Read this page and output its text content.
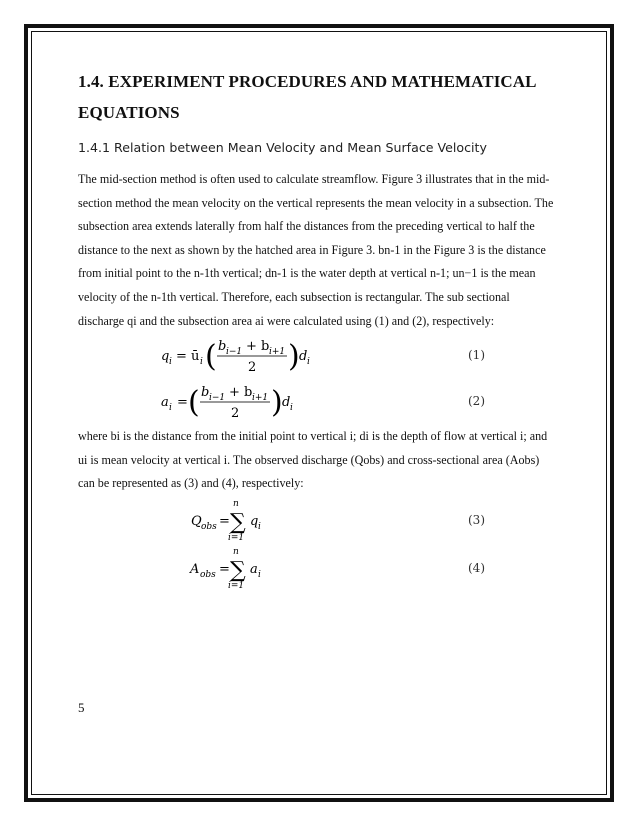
1.4. EXPERIMENT PROCEDURES AND MATHEMATICAL EQUATIONS
1.4.1 Relation between Mean Velocity and Mean Surface Velocity

The mid-section method is often used to calculate streamflow. Figure 3 illustrates that in the mid-section method the mean velocity on the vertical represents the mean velocity in a subsection. The subsection area extends laterally from half the distances from the preceding vertical to half the distance to the next as shown by the hatched area in Figure 3. bn-1 in the Figure 3 is the distance from initial point to the n-1th vertical; dn-1 is the water depth at vertical n-1; un−1 is the mean velocity of the n-1th vertical. Therefore, each subsection is rectangular. The sub sectional discharge qi and the subsection area ai were calculated using (1) and (2), respectively:

q i = ū i ( b i−1 + b i+1
2 ) d i	(1)
a i = ( b i−1 + b i+1
2 ) d i	(2)

where bi is the distance from the initial point to vertical i; di is the depth of flow at vertical i; and ui is mean velocity at vertical i. The observed discharge (Qobs) and cross-sectional area (Aobs) can be represented as (3) and (4), respectively:

Q obs =
n
∑
i=1
q i	(3)
A obs =
n
∑
i=1
a i	(4)
5
